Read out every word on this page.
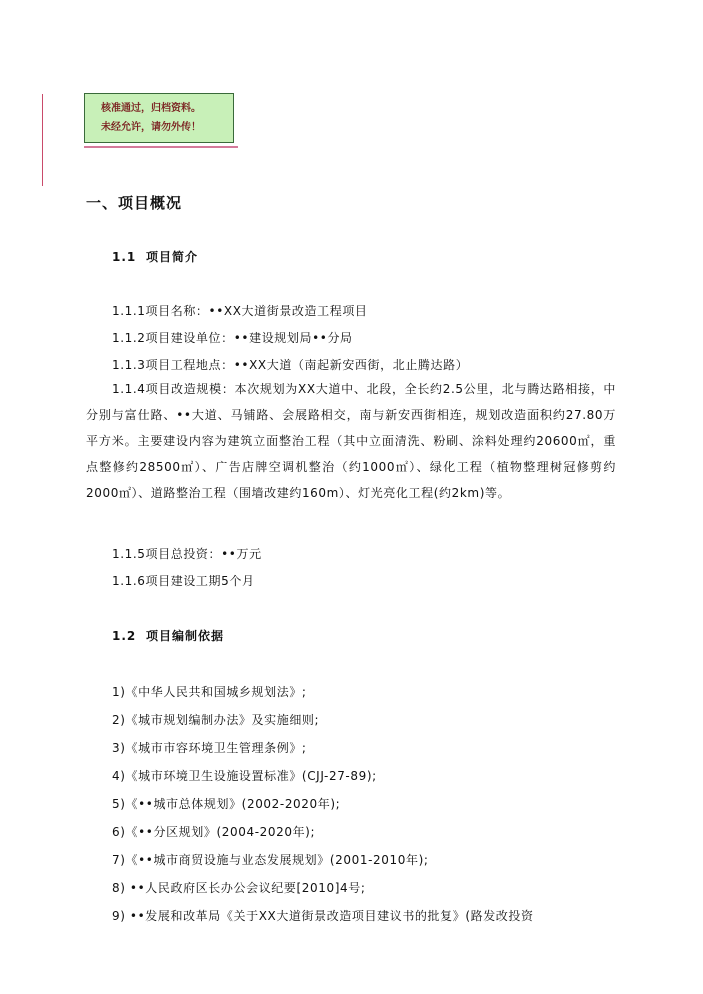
核准通过，归档资料。
未经允许，请勿外传！
一、项目概况
1.1 项目简介
1.1.1项目名称：••XX大道街景改造工程项目
1.1.2项目建设单位：••建设规划局••分局
1.1.3项目工程地点：••XX大道（南起新安西街，北止腾达路）

1.1.4项目改造规模：本次规划为XX大道中、北段，全长约2.5公里，北与腾达路相接，中分别与富仕路、••大道、马铺路、会展路相交，南与新安西街相连，规划改造面积约27.80万平方米。主要建设内容为建筑立面整治工程（其中立面清洗、粉刷、涂料处理约20600㎡，重点整修约28500㎡）、广告店牌空调机整治（约1000㎡）、绿化工程（植物整理树冠修剪约2000㎡）、道路整治工程（围墙改建约160m）、灯光亮化工程(约2km)等。

1.1.5项目总投资：••万元
1.1.6项目建设工期5个月
1.2 项目编制依据
1)《中华人民共和国城乡规划法》;
2)《城市规划编制办法》及实施细则;
3)《城市市容环境卫生管理条例》;
4)《城市环境卫生设施设置标准》(CJJ-27-89);
5)《••城市总体规划》(2002-2020年);
6)《••分区规划》(2004-2020年);
7)《••城市商贸设施与业态发展规划》(2001-2010年);
8) ••人民政府区长办公会议纪要[2010]4号;
9) ••发展和改革局《关于XX大道街景改造项目建议书的批复》(路发改投资
